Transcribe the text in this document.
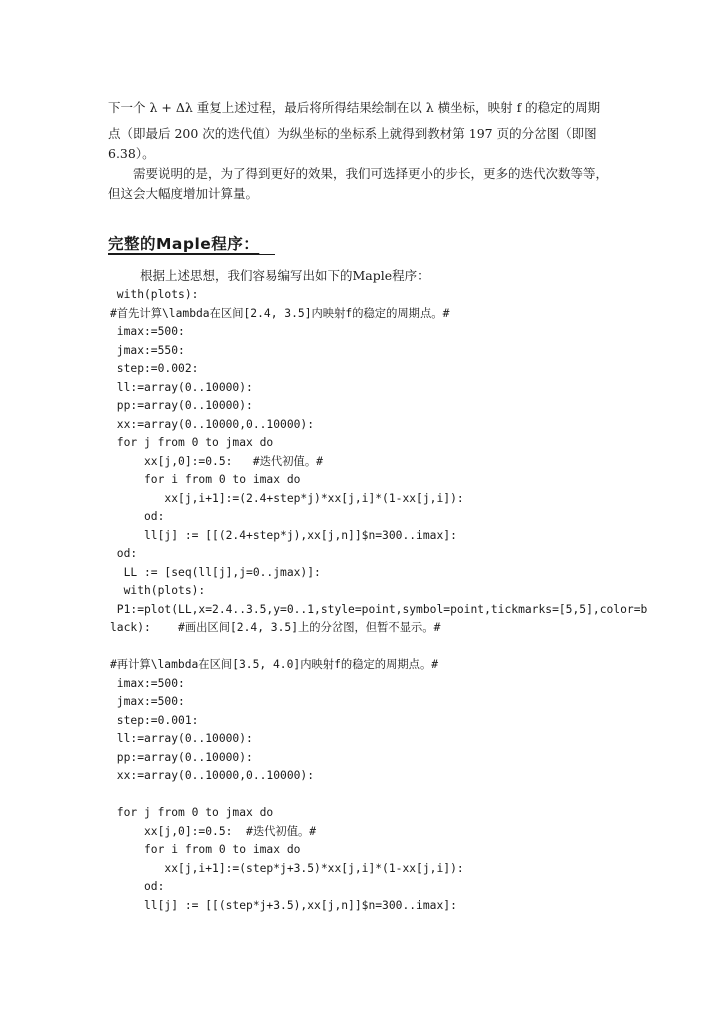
下一个 λ + Δλ 重复上述过程，最后将所得结果绘制在以 λ 横坐标，映射 f 的稳定的周期
点（即最后 200 次的迭代值）为纵坐标的坐标系上就得到教材第 197 页的分岔图（即图
6.38）。
　　需要说明的是，为了得到更好的效果，我们可选择更小的步长，更多的迭代次数等等，
但这会大幅度增加计算量。
完整的Maple程序：
根据上述思想，我们容易编写出如下的Maple程序：
with(plots):
#首先计算\lambda在区间[2.4, 3.5]内映射f的稳定的周期点。#
imax:=500:
jmax:=550:
step:=0.002:
ll:=array(0..10000):
pp:=array(0..10000):
xx:=array(0..10000,0..10000):
for j from 0 to jmax do
xx[j,0]:=0.5:   #迭代初值。#
for i from 0 to imax do
xx[j,i+1]:=(2.4+step*j)*xx[j,i]*(1-xx[j,i]):
od:
ll[j] := [[(2.4+step*j),xx[j,n]]$n=300..imax]:
od:
LL := [seq(ll[j],j=0..jmax)]:
with(plots):
P1:=plot(LL,x=2.4..3.5,y=0..1,style=point,symbol=point,tickmarks=[5,5],color=b
lack):    #画出区间[2.4, 3.5]上的分岔图，但暂不显示。#
#再计算\lambda在区间[3.5, 4.0]内映射f的稳定的周期点。#
imax:=500:
jmax:=500:
step:=0.001:
ll:=array(0..10000):
pp:=array(0..10000):
xx:=array(0..10000,0..10000):
for j from 0 to jmax do
xx[j,0]:=0.5:  #迭代初值。#
for i from 0 to imax do
xx[j,i+1]:=(step*j+3.5)*xx[j,i]*(1-xx[j,i]):
od:
ll[j] := [[(step*j+3.5),xx[j,n]]$n=300..imax]:
